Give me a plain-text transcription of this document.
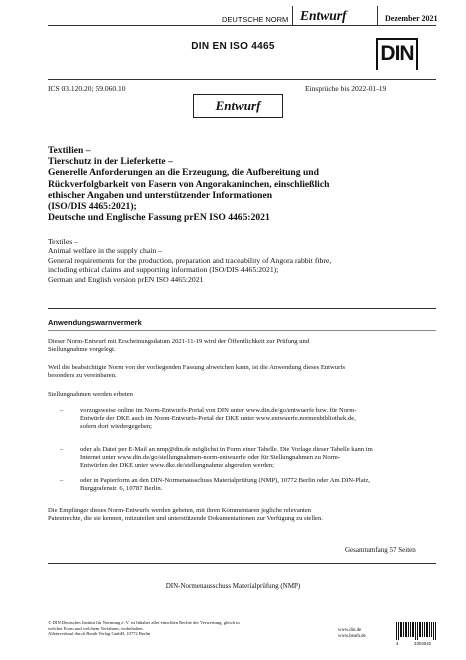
DEUTSCHE NORM Entwurf	Dezember 2021
DIN EN ISO 4465	DIN
ICS 03.120.20; 59.060.10	Einsprüche bis 2022-01-19
Entwurf
Textilien –
Tierschutz in der Lieferkette –
Generelle Anforderungen an die Erzeugung, die Aufbereitung und
Rückverfolgbarkeit von Fasern von Angorakaninchen, einschließlich
ethischer Angaben und unterstützender Informationen
(ISO/DIS 4465:2021);
Deutsche und Englische Fassung prEN ISO 4465:2021
Textiles –
Animal welfare in the supply chain –
General requirements for the production, preparation and traceability of Angora rabbit fibre,
including ethical claims and supporting information (ISO/DIS 4465:2021);
German and English version prEN ISO 4465:2021
Anwendungswarnvermerk
Dieser Norm-Entwurf mit Erscheinungsdatum 2021-11-19 wird der Öffentlichkeit zur Prüfung und
Stellungnahme vorgelegt.
Weil die beabsichtigte Norm von der vorliegenden Fassung abweichen kann, ist die Anwendung dieses Entwurfs
besonders zu vereinbaren.
Stellungnahmen werden erbeten
–	vorzugsweise online im Norm-Entwurfs-Portal von DIN unter www.din.de/go/entwuerfe bzw. für Norm-
Entwürfe der DKE auch im Norm-Entwurfs-Portal der DKE unter www.entwuerfe.normenbibliothek.de,
sofern dort wiedergegeben;
–	oder als Datei per E-Mail an nmp@din.de möglichst in Form einer Tabelle. Die Vorlage dieser Tabelle kann im
Internet unter www.din.de/go/stellungnahmen-norm-entwuerfe oder für Stellungnahmen zu Norm-
Entwürfen der DKE unter www.dke.de/stellungnahme abgerufen werden;
–	oder in Papierform an den DIN-Normenausschuss Materialprüfung (NMP), 10772 Berlin oder Am DIN-Platz,
Burggrafenstr. 6, 10787 Berlin.
Die Empfänger dieses Norm-Entwurfs werden gebeten, mit ihren Kommentaren jegliche relevanten
Patentrechte, die sie kennen, mitzuteilen und unterstützende Dokumentationen zur Verfügung zu stellen.
Gesamtumfang 57 Seiten
DIN-Normenausschuss Materialprüfung (NMP)
© DIN Deutsches Institut für Normung e. V. ist Inhaber aller einschlen Rechte der Verwertung, gleich in
welcher Form und welchem Verfahren, vorbehalten.
Alleinverkauf durch Beuth Verlag GmbH, 10772 Berlin
www.din.de
www.beuth.de
4	3304042
